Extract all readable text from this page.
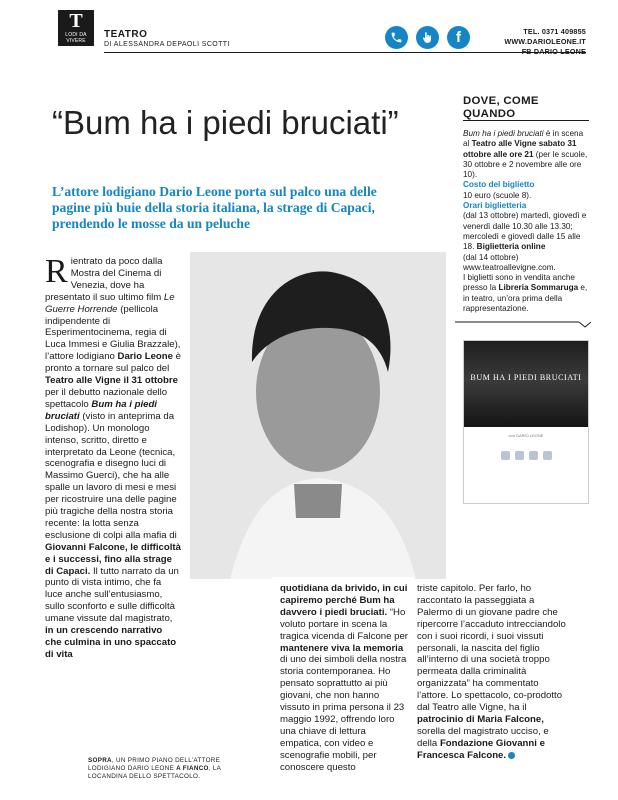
T
LODI DA VIVERE
TEATRO
DI ALESSANDRA DEPAOLI SCOTTI	f	TEL. 0371 409855
WWW.DARIOLEONE.IT
FB DARIO LEONE
“Bum ha i piedi bruciati”
L’attore lodigiano Dario Leone porta sul palco una delle pagine più buie della storia italiana, la strage di Capaci, prendendo le mosse da un peluche
DOVE, COME QUANDO
Bum ha i piedi bruciati è in scena al Teatro alle Vigne sabato 31 ottobre alle ore 21 (per le scuole, 30 ottobre e 2 novembre alle ore 10).
Costo del biglietto
10 euro (scuole 8).
Orari biglietteria
(dal 13 ottobre) martedì, giovedì e venerdì dalle 10.30 alle 13.30; mercoledì e giovedì dalle 15 alle 18. Biglietteria online
(dal 14 ottobre) www.teatroallevigne.com.
I biglietti sono in vendita anche presso la Libreria Sommaruga e, in teatro, un’ora prima della rappresentazione.
BUM HA I PIEDI BRUCIATI
con DARIO LEONE
Rientrato da poco dalla Mostra del Cinema di Venezia, dove ha presentato il suo ultimo film Le Guerre Horrende (pellicola indipendente di Esperimentocinema, regia di Luca Immesi e Giulia Brazzale), l’attore lodigiano Dario Leone è pronto a tornare sul palco del Teatro alle Vigne il 31 ottobre per il debutto nazionale dello spettacolo Bum ha i piedi bruciati (visto in anteprima da Lodishop). Un monologo intenso, scritto, diretto e interpretato da Leone (tecnica, scenografia e disegno luci di Massimo Guerci), che ha alle spalle un lavoro di mesi e mesi per ricostruire una delle pagine più tragiche della nostra storia recente: la lotta senza esclusione di colpi alla mafia di Giovanni Falcone, le difficoltà e i successi, fino alla strage di Capaci. Il tutto narrato da un punto di vista intimo, che fa luce anche sull’entusiasmo, sullo sconforto e sulle difficoltà umane vissute dal magistrato, in un crescendo narrativo che culmina in uno spaccato di vita
quotidiana da brivido, in cui capiremo perché Bum ha davvero i piedi bruciati. “Ho voluto portare in scena la tragica vicenda di Falcone per mantenere viva la memoria di uno dei simboli della nostra storia contemporanea. Ho pensato soprattutto ai più giovani, che non hanno vissuto in prima persona il 23 maggio 1992, offrendo loro una chiave di lettura empatica, con video e scenografie mobili, per conoscere questo
triste capitolo. Per farlo, ho raccontato la passeggiata a Palermo di un giovane padre che ripercorre l’accaduto intrecciandolo con i suoi ricordi, i suoi vissuti personali, la nascita del figlio all’interno di una società troppo permeata dalla criminalità organizzata” ha commentato l’attore. Lo spettacolo, co-prodotto dal Teatro alle Vigne, ha il patrocinio di Maria Falcone, sorella del magistrato ucciso, e della Fondazione Giovanni e Francesca Falcone.
SOPRA, UN PRIMO PIANO DELL’ATTORE LODIGIANO DARIO LEONE A FIANCO, LA LOCANDINA DELLO SPETTACOLO.
